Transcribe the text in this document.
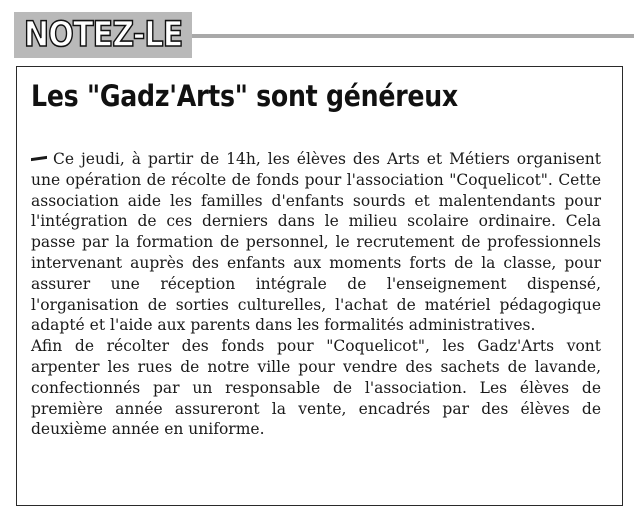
NOTEZ-LE
Les "Gadz'Arts" sont généreux

Ce jeudi, à partir de 14h, les élèves des Arts et Métiers organisent une opération de récolte de fonds pour l'association "Coquelicot". Cette association aide les familles d'enfants sourds et malentendants pour l'intégration de ces derniers dans le milieu scolaire ordinaire. Cela passe par la formation de personnel, le recrutement de professionnels intervenant auprès des enfants aux moments forts de la classe, pour assurer une réception intégrale de l'enseignement dispensé, l'organisation de sorties culturelles, l'achat de matériel pédagogique adapté et l'aide aux parents dans les formalités administratives.

Afin de récolter des fonds pour "Coquelicot", les Gadz'Arts vont arpenter les rues de notre ville pour vendre des sachets de lavande, confectionnés par un responsable de l'association. Les élèves de première année assureront la vente, encadrés par des élèves de deuxième année en uniforme.
